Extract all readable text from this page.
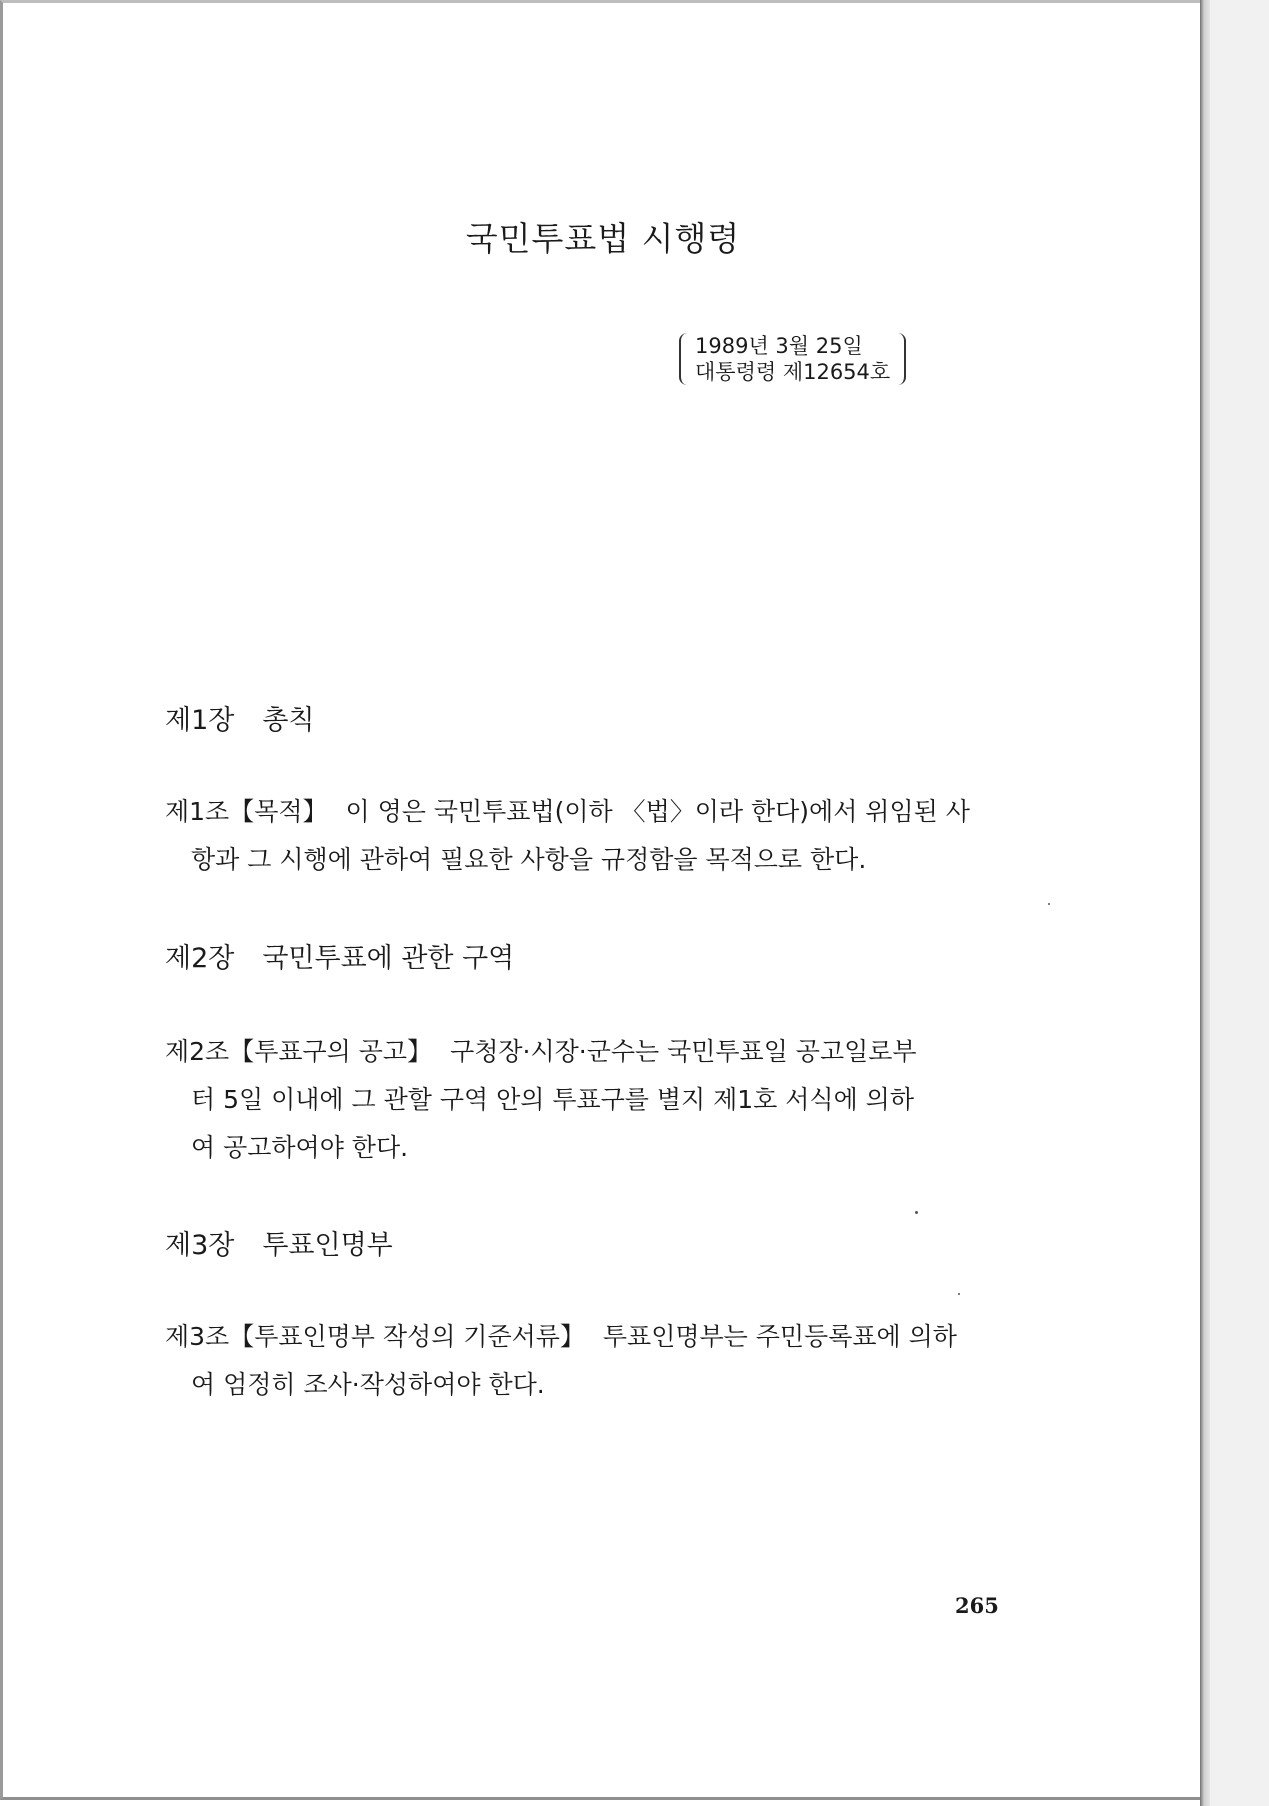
국민투표법 시행령
1989년 3월 25일
대통령령 제12654호
제1장 총칙
제1조【목적】 이 영은 국민투표법(이하 〈법〉이라 한다)에서 위임된 사
항과 그 시행에 관하여 필요한 사항을 규정함을 목적으로 한다.
제2장 국민투표에 관한 구역
제2조【투표구의 공고】 구청장·시장·군수는 국민투표일 공고일로부
터 5일 이내에 그 관할 구역 안의 투표구를 별지 제1호 서식에 의하
여 공고하여야 한다.
제3장 투표인명부
제3조【투표인명부 작성의 기준서류】 투표인명부는 주민등록표에 의하
여 엄정히 조사·작성하여야 한다.
265
